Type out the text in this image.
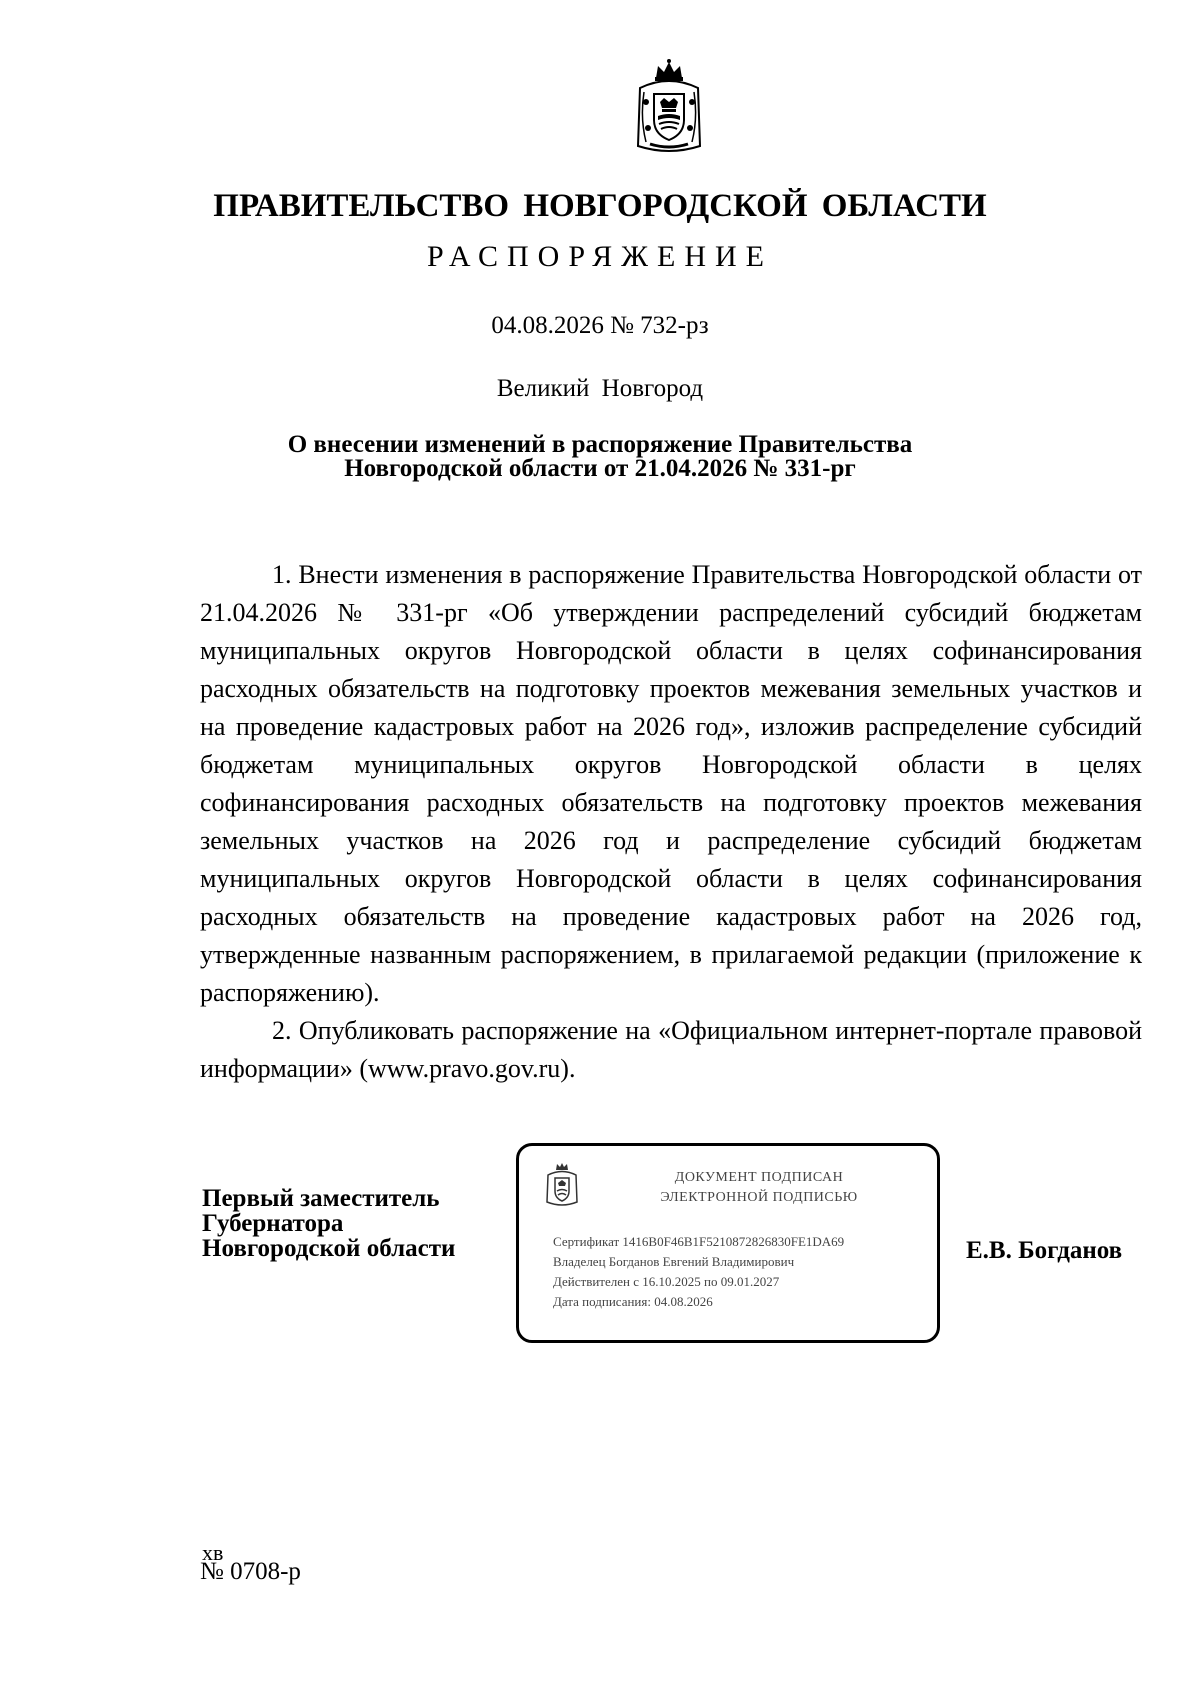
ПРАВИТЕЛЬСТВО НОВГОРОДСКОЙ ОБЛАСТИ
РАСПОРЯЖЕНИЕ
04.08.2026 № 732-рз
Великий Новгород
О внесении изменений в распоряжение Правительства
Новгородской области от 21.04.2026 № 331-рг

1. Внести изменения в распоряжение Правительства Новгородской области от 21.04.2026 № 331-рг «Об утверждении распределений субсидий бюджетам муниципальных округов Новгородской области в целях софинансирования расходных обязательств на подготовку проектов межевания земельных участков и на проведение кадастровых работ на 2026 год», изложив распределение субсидий бюджетам муниципальных округов Новгородской области в целях софинансирования расходных обязательств на подготовку проектов межевания земельных участков на 2026 год и распределение субсидий бюджетам муниципальных округов Новгородской области в целях софинансирования расходных обязательств на проведение кадастровых работ на 2026 год, утвержденные названным распоряжением, в прилагаемой редакции (приложение к распоряжению).

2. Опубликовать распоряжение на «Официальном интернет-портале правовой информации» (www.pravo.gov.ru).

Первый заместитель
Губернатора
Новгородской области
ДОКУМЕНТ ПОДПИСАН
ЭЛЕКТРОННОЙ ПОДПИСЬЮ
Сертификат 1416B0F46B1F5210872826830FE1DA69
Владелец Богданов Евгений Владимирович
Действителен с 16.10.2025 по 09.01.2027
Дата подписания: 04.08.2026
Е.В. Богданов
хв
№ 0708-р
